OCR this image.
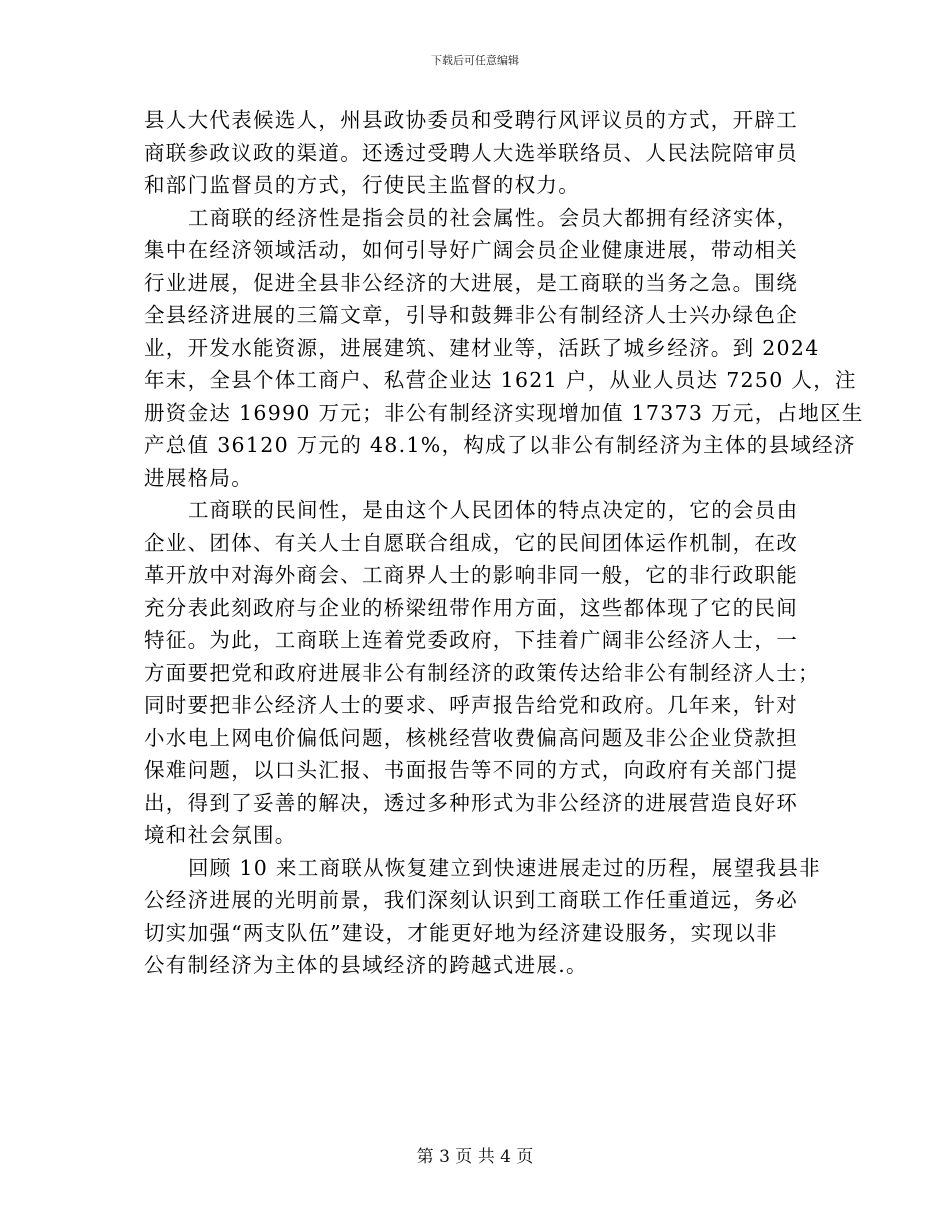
下载后可任意编辑
县人大代表候选人，州县政协委员和受聘行风评议员的方式，开辟工
商联参政议政的渠道。还透过受聘人大选举联络员、人民法院陪审员
和部门监督员的方式，行使民主监督的权力。
工商联的经济性是指会员的社会属性。会员大都拥有经济实体，
集中在经济领域活动，如何引导好广阔会员企业健康进展，带动相关
行业进展，促进全县非公经济的大进展，是工商联的当务之急。围绕
全县经济进展的三篇文章，引导和鼓舞非公有制经济人士兴办绿色企
业，开发水能资源，进展建筑、建材业等，活跃了城乡经济。到 2024
年末，全县个体工商户、私营企业达 1621 户，从业人员达 7250 人，注
册资金达 16990 万元；非公有制经济实现增加值 17373 万元，占地区生
产总值 36120 万元的 48.1%，构成了以非公有制经济为主体的县域经济
进展格局。
工商联的民间性，是由这个人民团体的特点决定的，它的会员由
企业、团体、有关人士自愿联合组成，它的民间团体运作机制，在改
革开放中对海外商会、工商界人士的影响非同一般，它的非行政职能
充分表此刻政府与企业的桥梁纽带作用方面，这些都体现了它的民间
特征。为此，工商联上连着党委政府，下挂着广阔非公经济人士，一
方面要把党和政府进展非公有制经济的政策传达给非公有制经济人士；
同时要把非公经济人士的要求、呼声报告给党和政府。几年来，针对
小水电上网电价偏低问题，核桃经营收费偏高问题及非公企业贷款担
保难问题，以口头汇报、书面报告等不同的方式，向政府有关部门提
出，得到了妥善的解决，透过多种形式为非公经济的进展营造良好环
境和社会氛围。
回顾 10 来工商联从恢复建立到快速进展走过的历程，展望我县非
公经济进展的光明前景，我们深刻认识到工商联工作任重道远，务必
切实加强“两支队伍”建设，才能更好地为经济建设服务，实现以非
公有制经济为主体的县域经济的跨越式进展.。
第 3 页 共 4 页
